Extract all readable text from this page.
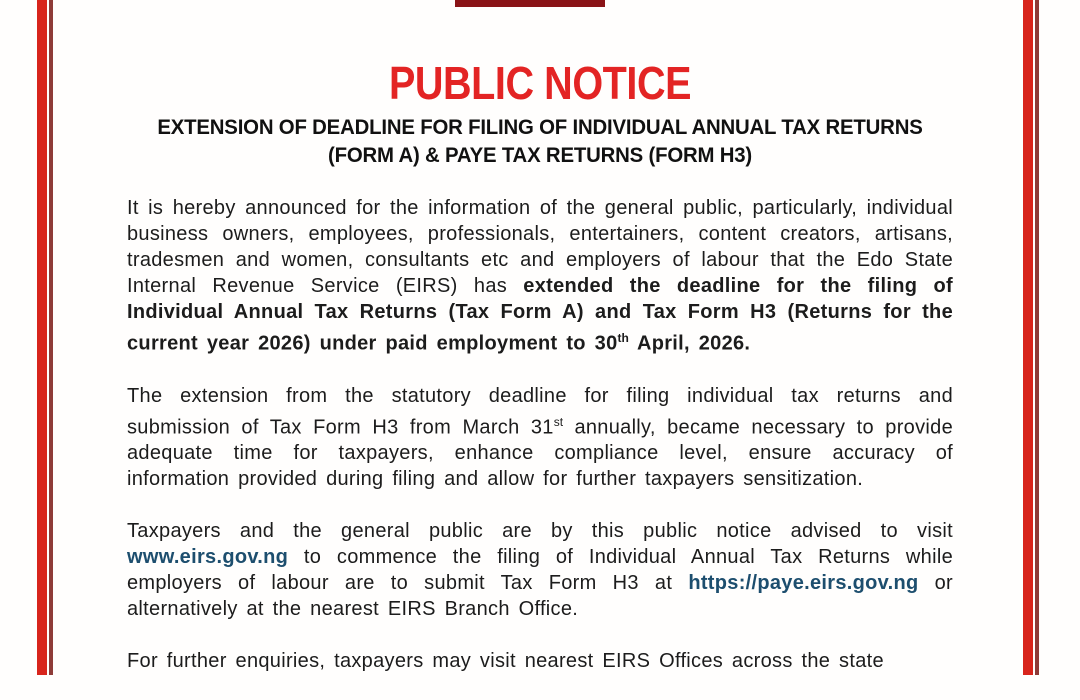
PUBLIC NOTICE
EXTENSION OF DEADLINE FOR FILING OF INDIVIDUAL ANNUAL TAX RETURNS
(FORM A) & PAYE TAX RETURNS (FORM H3)

It is hereby announced for the information of the general public, particularly, individual business owners, employees, professionals, entertainers, content creators, artisans, tradesmen and women, consultants etc and employers of labour that the Edo State Internal Revenue Service (EIRS) has extended the deadline for the filing of Individual Annual Tax Returns (Tax Form A) and Tax Form H3 (Returns for the current year 2026) under paid employment to 30th April, 2026.

The extension from the statutory deadline for filing individual tax returns and submission of Tax Form H3 from March 31st annually, became necessary to provide adequate time for taxpayers, enhance compliance level, ensure accuracy of information provided during filing and allow for further taxpayers sensitization.

Taxpayers and the general public are by this public notice advised to visit www.eirs.gov.ng to commence the filing of Individual Annual Tax Returns while employers of labour are to submit Tax Form H3 at https://paye.eirs.gov.ng or alternatively at the nearest EIRS Branch Office.

For further enquiries, taxpayers may visit nearest EIRS Offices across the state
